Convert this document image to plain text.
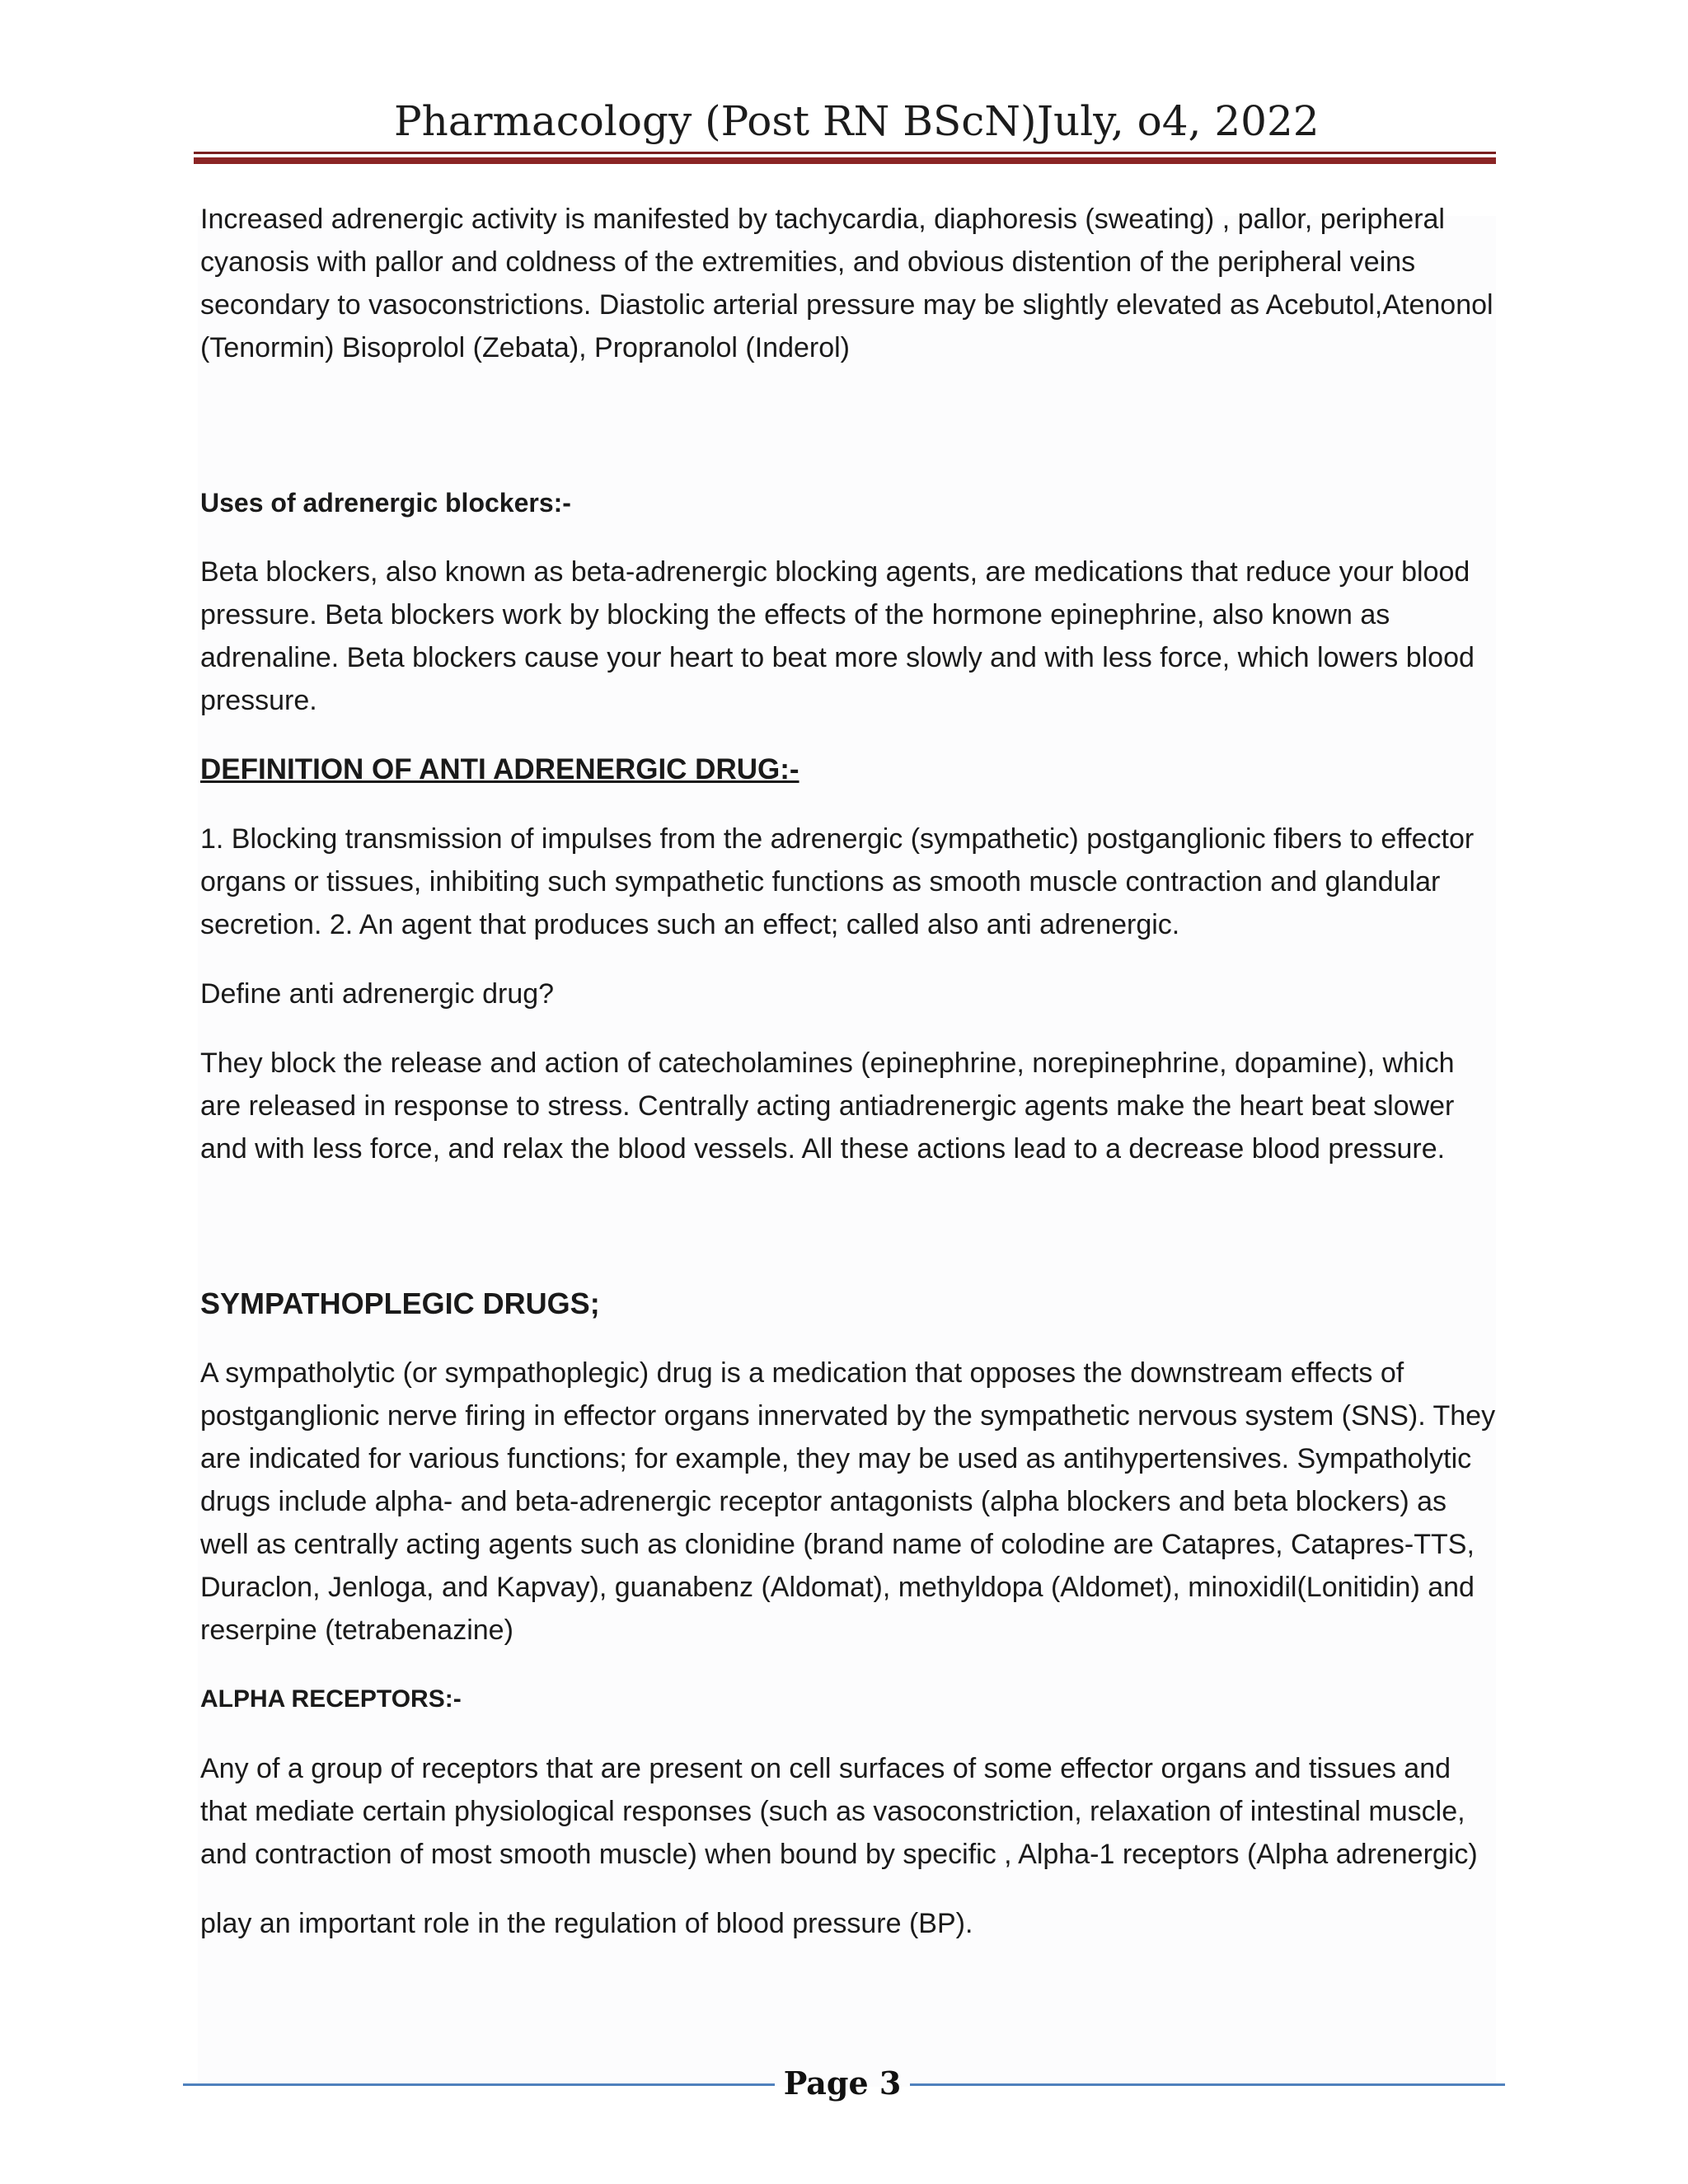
Pharmacology (Post RN BScN) July, o4, 2022

Increased adrenergic activity is manifested by tachycardia, diaphoresis (sweating) , pallor, peripheral cyanosis with pallor and coldness of the extremities, and obvious distention of the peripheral veins secondary to vasoconstrictions. Diastolic arterial pressure may be slightly elevated as Acebutol,Atenonol (Tenormin) Bisoprolol (Zebata), Propranolol (Inderol)

Uses of adrenergic blockers:-

Beta blockers, also known as beta-adrenergic blocking agents, are medications that reduce your blood pressure. Beta blockers work by blocking the effects of the hormone epinephrine, also known as adrenaline. Beta blockers cause your heart to beat more slowly and with less force, which lowers blood pressure.

DEFINITION OF ANTI ADRENERGIC DRUG:-

1. Blocking transmission of impulses from the adrenergic (sympathetic) postganglionic fibers to effector organs or tissues, inhibiting such sympathetic functions as smooth muscle contraction and glandular secretion. 2. An agent that produces such an effect; called also anti adrenergic.

Define anti adrenergic drug?

They block the release and action of catecholamines (epinephrine, norepinephrine, dopamine), which are released in response to stress. Centrally acting antiadrenergic agents make the heart beat slower and with less force, and relax the blood vessels. All these actions lead to a decrease blood pressure.

SYMPATHOPLEGIC DRUGS;

A sympatholytic (or sympathoplegic) drug is a medication that opposes the downstream effects of postganglionic nerve firing in effector organs innervated by the sympathetic nervous system (SNS). They are indicated for various functions; for example, they may be used as antihypertensives. Sympatholytic drugs include alpha- and beta-adrenergic receptor antagonists (alpha blockers and beta blockers) as well as centrally acting agents such as clonidine (brand name of colodine are Catapres, Catapres-TTS, Duraclon, Jenloga, and Kapvay), guanabenz (Aldomat), methyldopa (Aldomet), minoxidil(Lonitidin) and reserpine (tetrabenazine)

ALPHA RECEPTORS:-

Any of a group of receptors that are present on cell surfaces of some effector organs and tissues and that mediate certain physiological responses (such as vasoconstriction, relaxation of intestinal muscle, and contraction of most smooth muscle) when bound by specific , Alpha-1 receptors (Alpha adrenergic)

play an important role in the regulation of blood pressure (BP).

Page 3
